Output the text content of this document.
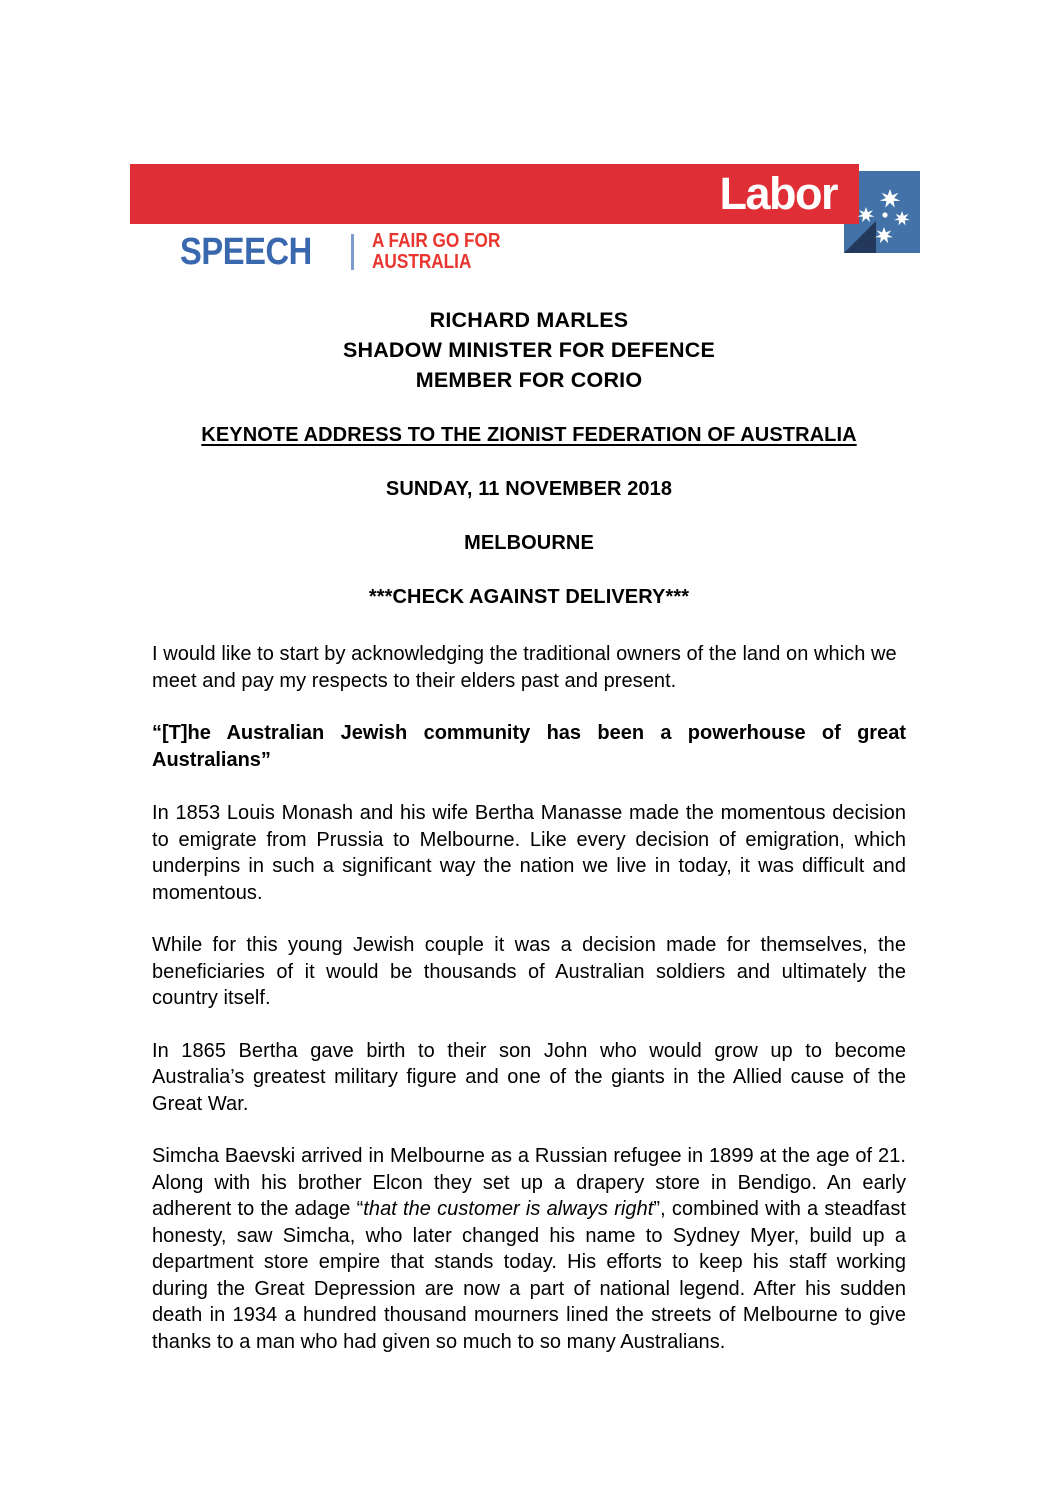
Labor
SPEECH	A FAIR GO FOR
AUSTRALIA
RICHARD MARLES
SHADOW MINISTER FOR DEFENCE
MEMBER FOR CORIO
KEYNOTE ADDRESS TO THE ZIONIST FEDERATION OF AUSTRALIA
SUNDAY, 11 NOVEMBER 2018
MELBOURNE
***CHECK AGAINST DELIVERY***

I would like to start by acknowledging the traditional owners of the land on which we meet and pay my respects to their elders past and present.

“[T]he Australian Jewish community has been a powerhouse of great Australians”

In 1853 Louis Monash and his wife Bertha Manasse made the momentous decision to emigrate from Prussia to Melbourne. Like every decision of emigration, which underpins in such a significant way the nation we live in today, it was difficult and momentous.

While for this young Jewish couple it was a decision made for themselves, the beneficiaries of it would be thousands of Australian soldiers and ultimately the country itself.

In 1865 Bertha gave birth to their son John who would grow up to become Australia’s greatest military figure and one of the giants in the Allied cause of the Great War.

Simcha Baevski arrived in Melbourne as a Russian refugee in 1899 at the age of 21. Along with his brother Elcon they set up a drapery store in Bendigo. An early adherent to the adage “that the customer is always right”, combined with a steadfast honesty, saw Simcha, who later changed his name to Sydney Myer, build up a department store empire that stands today. His efforts to keep his staff working during the Great Depression are now a part of national legend. After his sudden death in 1934 a hundred thousand mourners lined the streets of Melbourne to give thanks to a man who had given so much to so many Australians.
